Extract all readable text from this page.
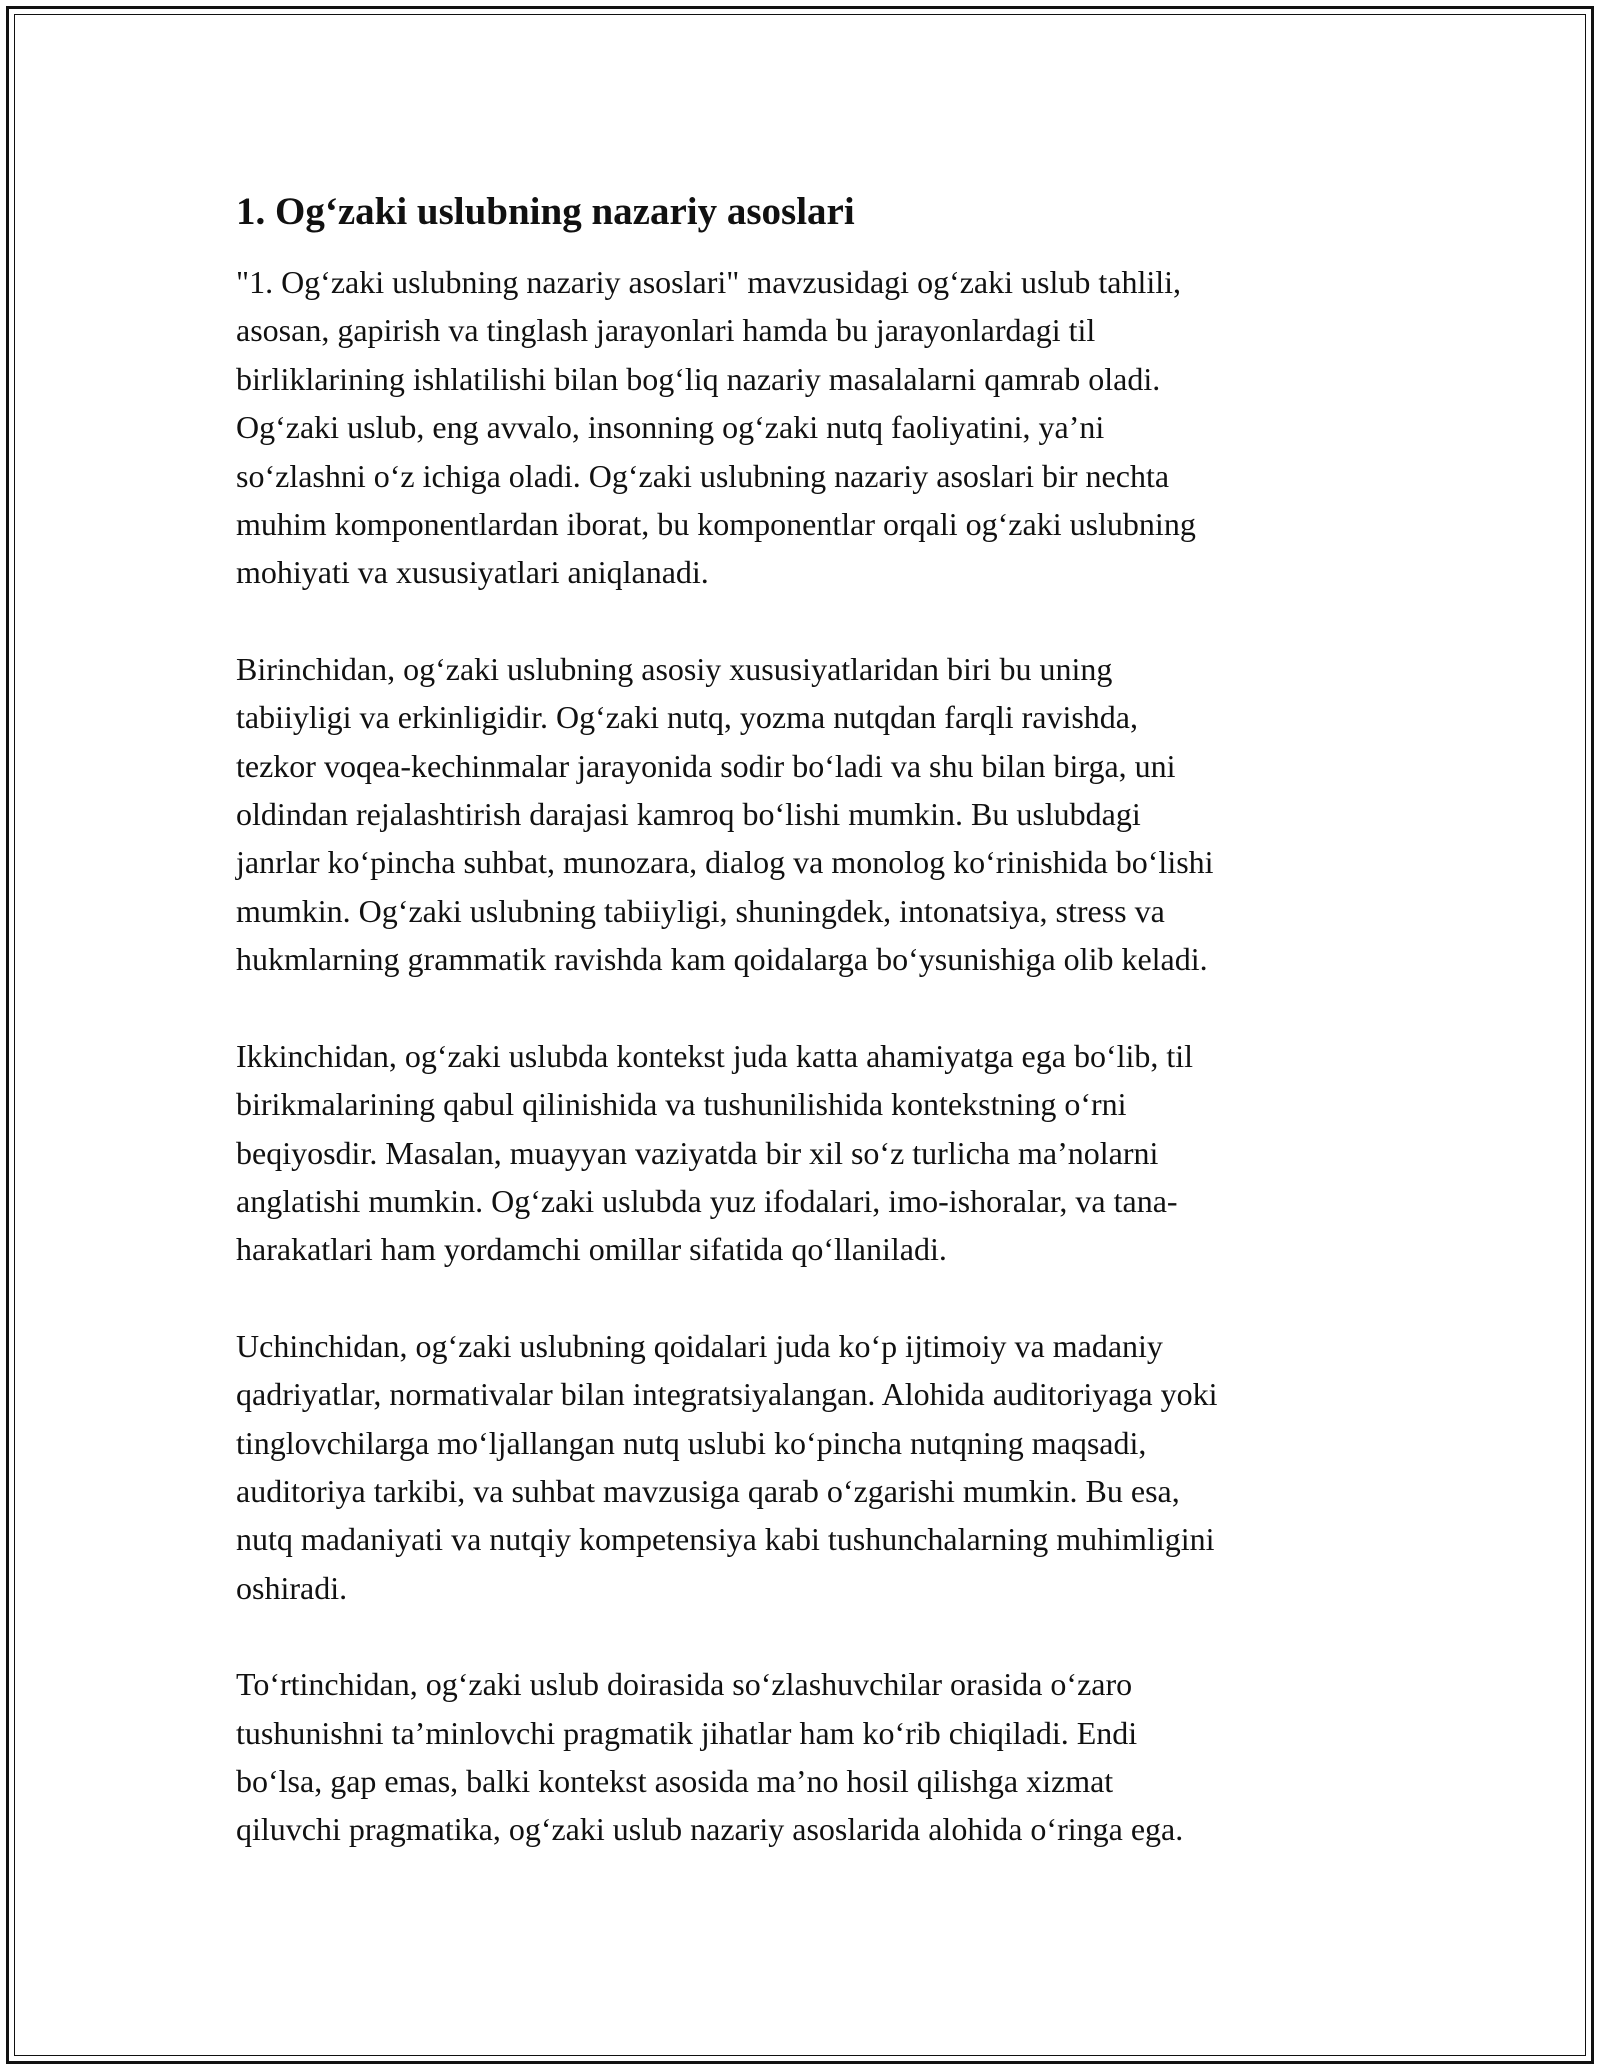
1. Og‘zaki uslubning nazariy asoslari
"1. Og‘zaki uslubning nazariy asoslari" mavzusidagi og‘zaki uslub tahlili,
asosan, gapirish va tinglash jarayonlari hamda bu jarayonlardagi til
birliklarining ishlatilishi bilan bog‘liq nazariy masalalarni qamrab oladi.
Og‘zaki uslub, eng avvalo, insonning og‘zaki nutq faoliyatini, ya’ni
so‘zlashni o‘z ichiga oladi. Og‘zaki uslubning nazariy asoslari bir nechta
muhim komponentlardan iborat, bu komponentlar orqali og‘zaki uslubning
mohiyati va xususiyatlari aniqlanadi.
Birinchidan, og‘zaki uslubning asosiy xususiyatlaridan biri bu uning
tabiiyligi va erkinligidir. Og‘zaki nutq, yozma nutqdan farqli ravishda,
tezkor voqea-kechinmalar jarayonida sodir bo‘ladi va shu bilan birga, uni
oldindan rejalashtirish darajasi kamroq bo‘lishi mumkin. Bu uslubdagi
janrlar ko‘pincha suhbat, munozara, dialog va monolog ko‘rinishida bo‘lishi
mumkin. Og‘zaki uslubning tabiiyligi, shuningdek, intonatsiya, stress va
hukmlarning grammatik ravishda kam qoidalarga bo‘ysunishiga olib keladi.
Ikkinchidan, og‘zaki uslubda kontekst juda katta ahamiyatga ega bo‘lib, til
birikmalarining qabul qilinishida va tushunilishida kontekstning o‘rni
beqiyosdir. Masalan, muayyan vaziyatda bir xil so‘z turlicha ma’nolarni
anglatishi mumkin. Og‘zaki uslubda yuz ifodalari, imo-ishoralar, va tana-
harakatlari ham yordamchi omillar sifatida qo‘llaniladi.
Uchinchidan, og‘zaki uslubning qoidalari juda ko‘p ijtimoiy va madaniy
qadriyatlar, normativalar bilan integratsiyalangan. Alohida auditoriyaga yoki
tinglovchilarga mo‘ljallangan nutq uslubi ko‘pincha nutqning maqsadi,
auditoriya tarkibi, va suhbat mavzusiga qarab o‘zgarishi mumkin. Bu esa,
nutq madaniyati va nutqiy kompetensiya kabi tushunchalarning muhimligini
oshiradi.
To‘rtinchidan, og‘zaki uslub doirasida so‘zlashuvchilar orasida o‘zaro
tushunishni ta’minlovchi pragmatik jihatlar ham ko‘rib chiqiladi. Endi
bo‘lsa, gap emas, balki kontekst asosida ma’no hosil qilishga xizmat
qiluvchi pragmatika, og‘zaki uslub nazariy asoslarida alohida o‘ringa ega.
